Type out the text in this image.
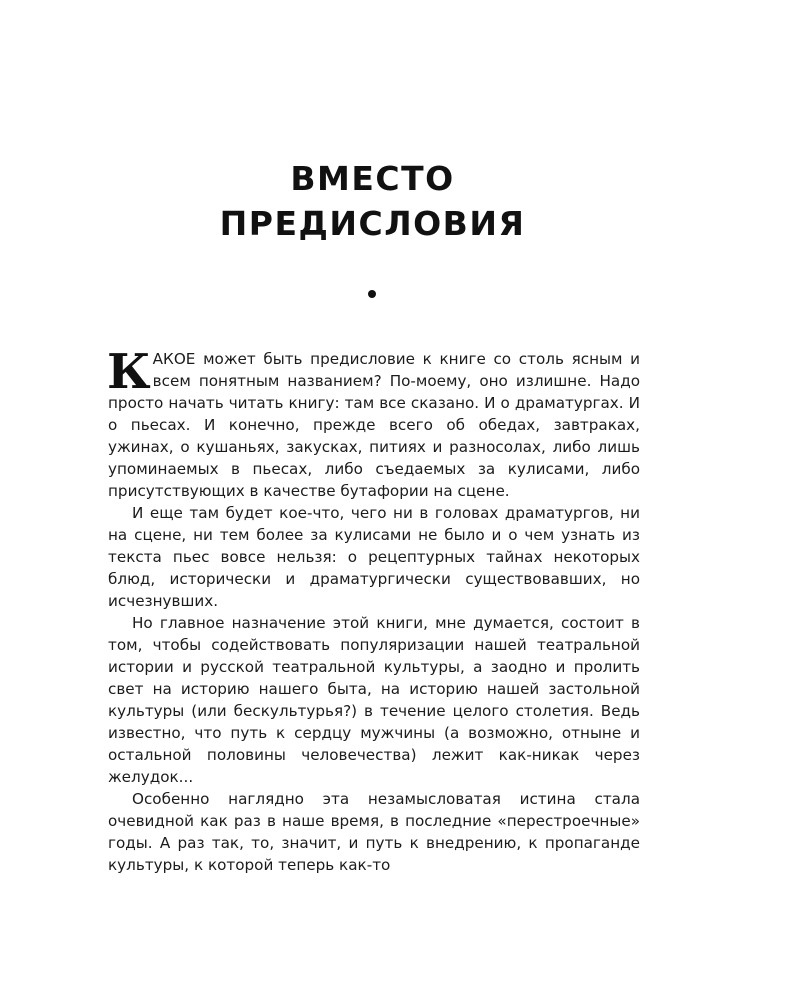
ВМЕСТО
ПРЕДИСЛОВИЯ

КАКОЕ может быть предисловие к книге со столь ясным и всем понятным названием? По-моему, оно излишне. Надо просто начать читать книгу: там все сказано. И о драматургах. И о пьесах. И конечно, прежде всего об обедах, завтраках, ужинах, о кушаньях, закусках, питиях и разносолах, либо лишь упоминаемых в пьесах, либо съедаемых за кулисами, либо присутствующих в качестве бутафории на сцене.

И еще там будет кое-что, чего ни в головах драматургов, ни на сцене, ни тем более за кулисами не было и о чем узнать из текста пьес вовсе нельзя: о рецептурных тайнах некоторых блюд, исторически и драматургически существовавших, но исчезнувших.

Но главное назначение этой книги, мне думается, состоит в том, чтобы содействовать популяризации нашей театральной истории и русской театральной культуры, а заодно и пролить свет на историю нашего быта, на историю нашей застольной культуры (или бескультурья?) в течение целого столетия. Ведь известно, что путь к сердцу мужчины (а возможно, отныне и остальной половины человечества) лежит как-никак через желудок...

Особенно наглядно эта незамысловатая истина стала очевидной как раз в наше время, в последние «перестроечные» годы. А раз так, то, значит, и путь к внедрению, к пропаганде культуры, к которой теперь как-то
